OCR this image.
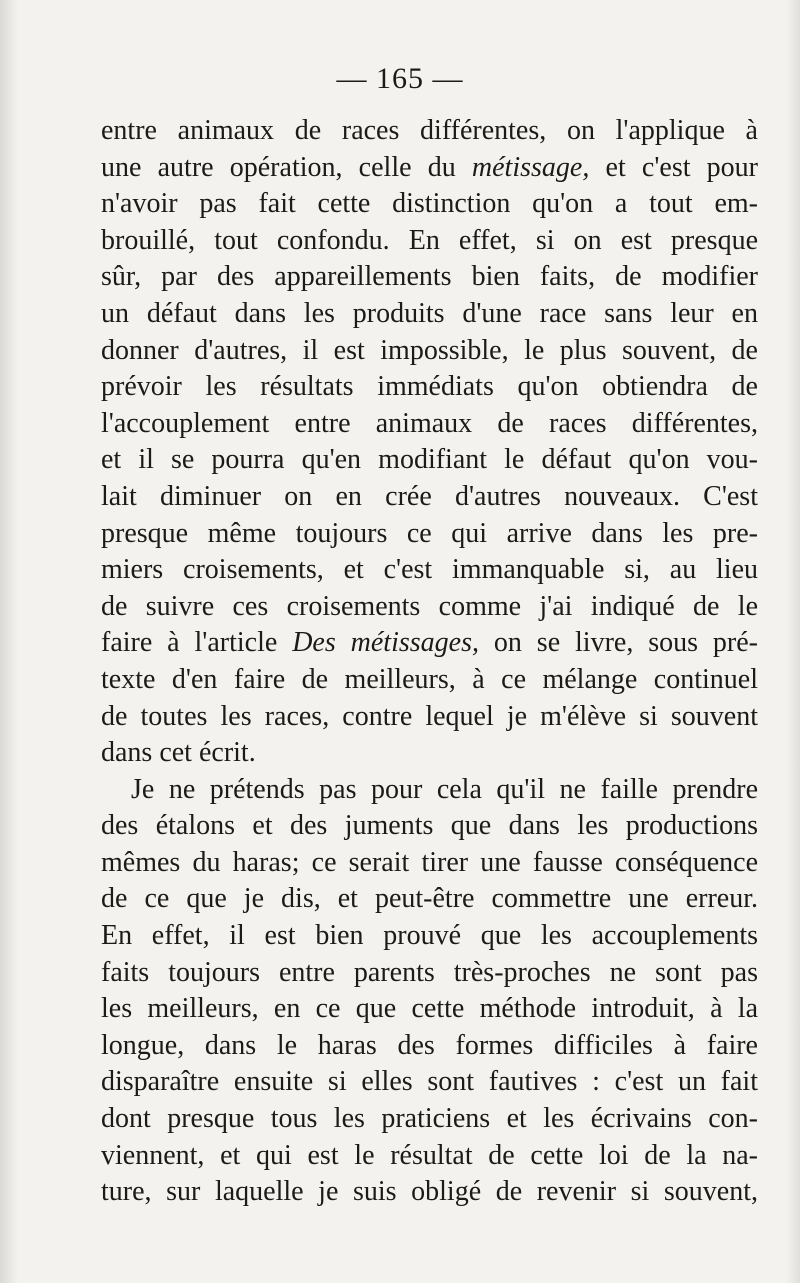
— 165 —
entre animaux de races différentes, on l'applique à
une autre opération, celle du métissage, et c'est pour
n'avoir pas fait cette distinction qu'on a tout em-
brouillé, tout confondu. En effet, si on est presque
sûr, par des appareillements bien faits, de modifier
un défaut dans les produits d'une race sans leur en
donner d'autres, il est impossible, le plus souvent, de
prévoir les résultats immédiats qu'on obtiendra de
l'accouplement entre animaux de races différentes,
et il se pourra qu'en modifiant le défaut qu'on vou-
lait diminuer on en crée d'autres nouveaux. C'est
presque même toujours ce qui arrive dans les pre-
miers croisements, et c'est immanquable si, au lieu
de suivre ces croisements comme j'ai indiqué de le
faire à l'article Des métissages, on se livre, sous pré-
texte d'en faire de meilleurs, à ce mélange continuel
de toutes les races, contre lequel je m'élève si souvent
dans cet écrit.
Je ne prétends pas pour cela qu'il ne faille prendre
des étalons et des juments que dans les productions
mêmes du haras; ce serait tirer une fausse conséquence
de ce que je dis, et peut-être commettre une erreur.
En effet, il est bien prouvé que les accouplements
faits toujours entre parents très-proches ne sont pas
les meilleurs, en ce que cette méthode introduit, à la
longue, dans le haras des formes difficiles à faire
disparaître ensuite si elles sont fautives : c'est un fait
dont presque tous les praticiens et les écrivains con-
viennent, et qui est le résultat de cette loi de la na-
ture, sur laquelle je suis obligé de revenir si souvent,
